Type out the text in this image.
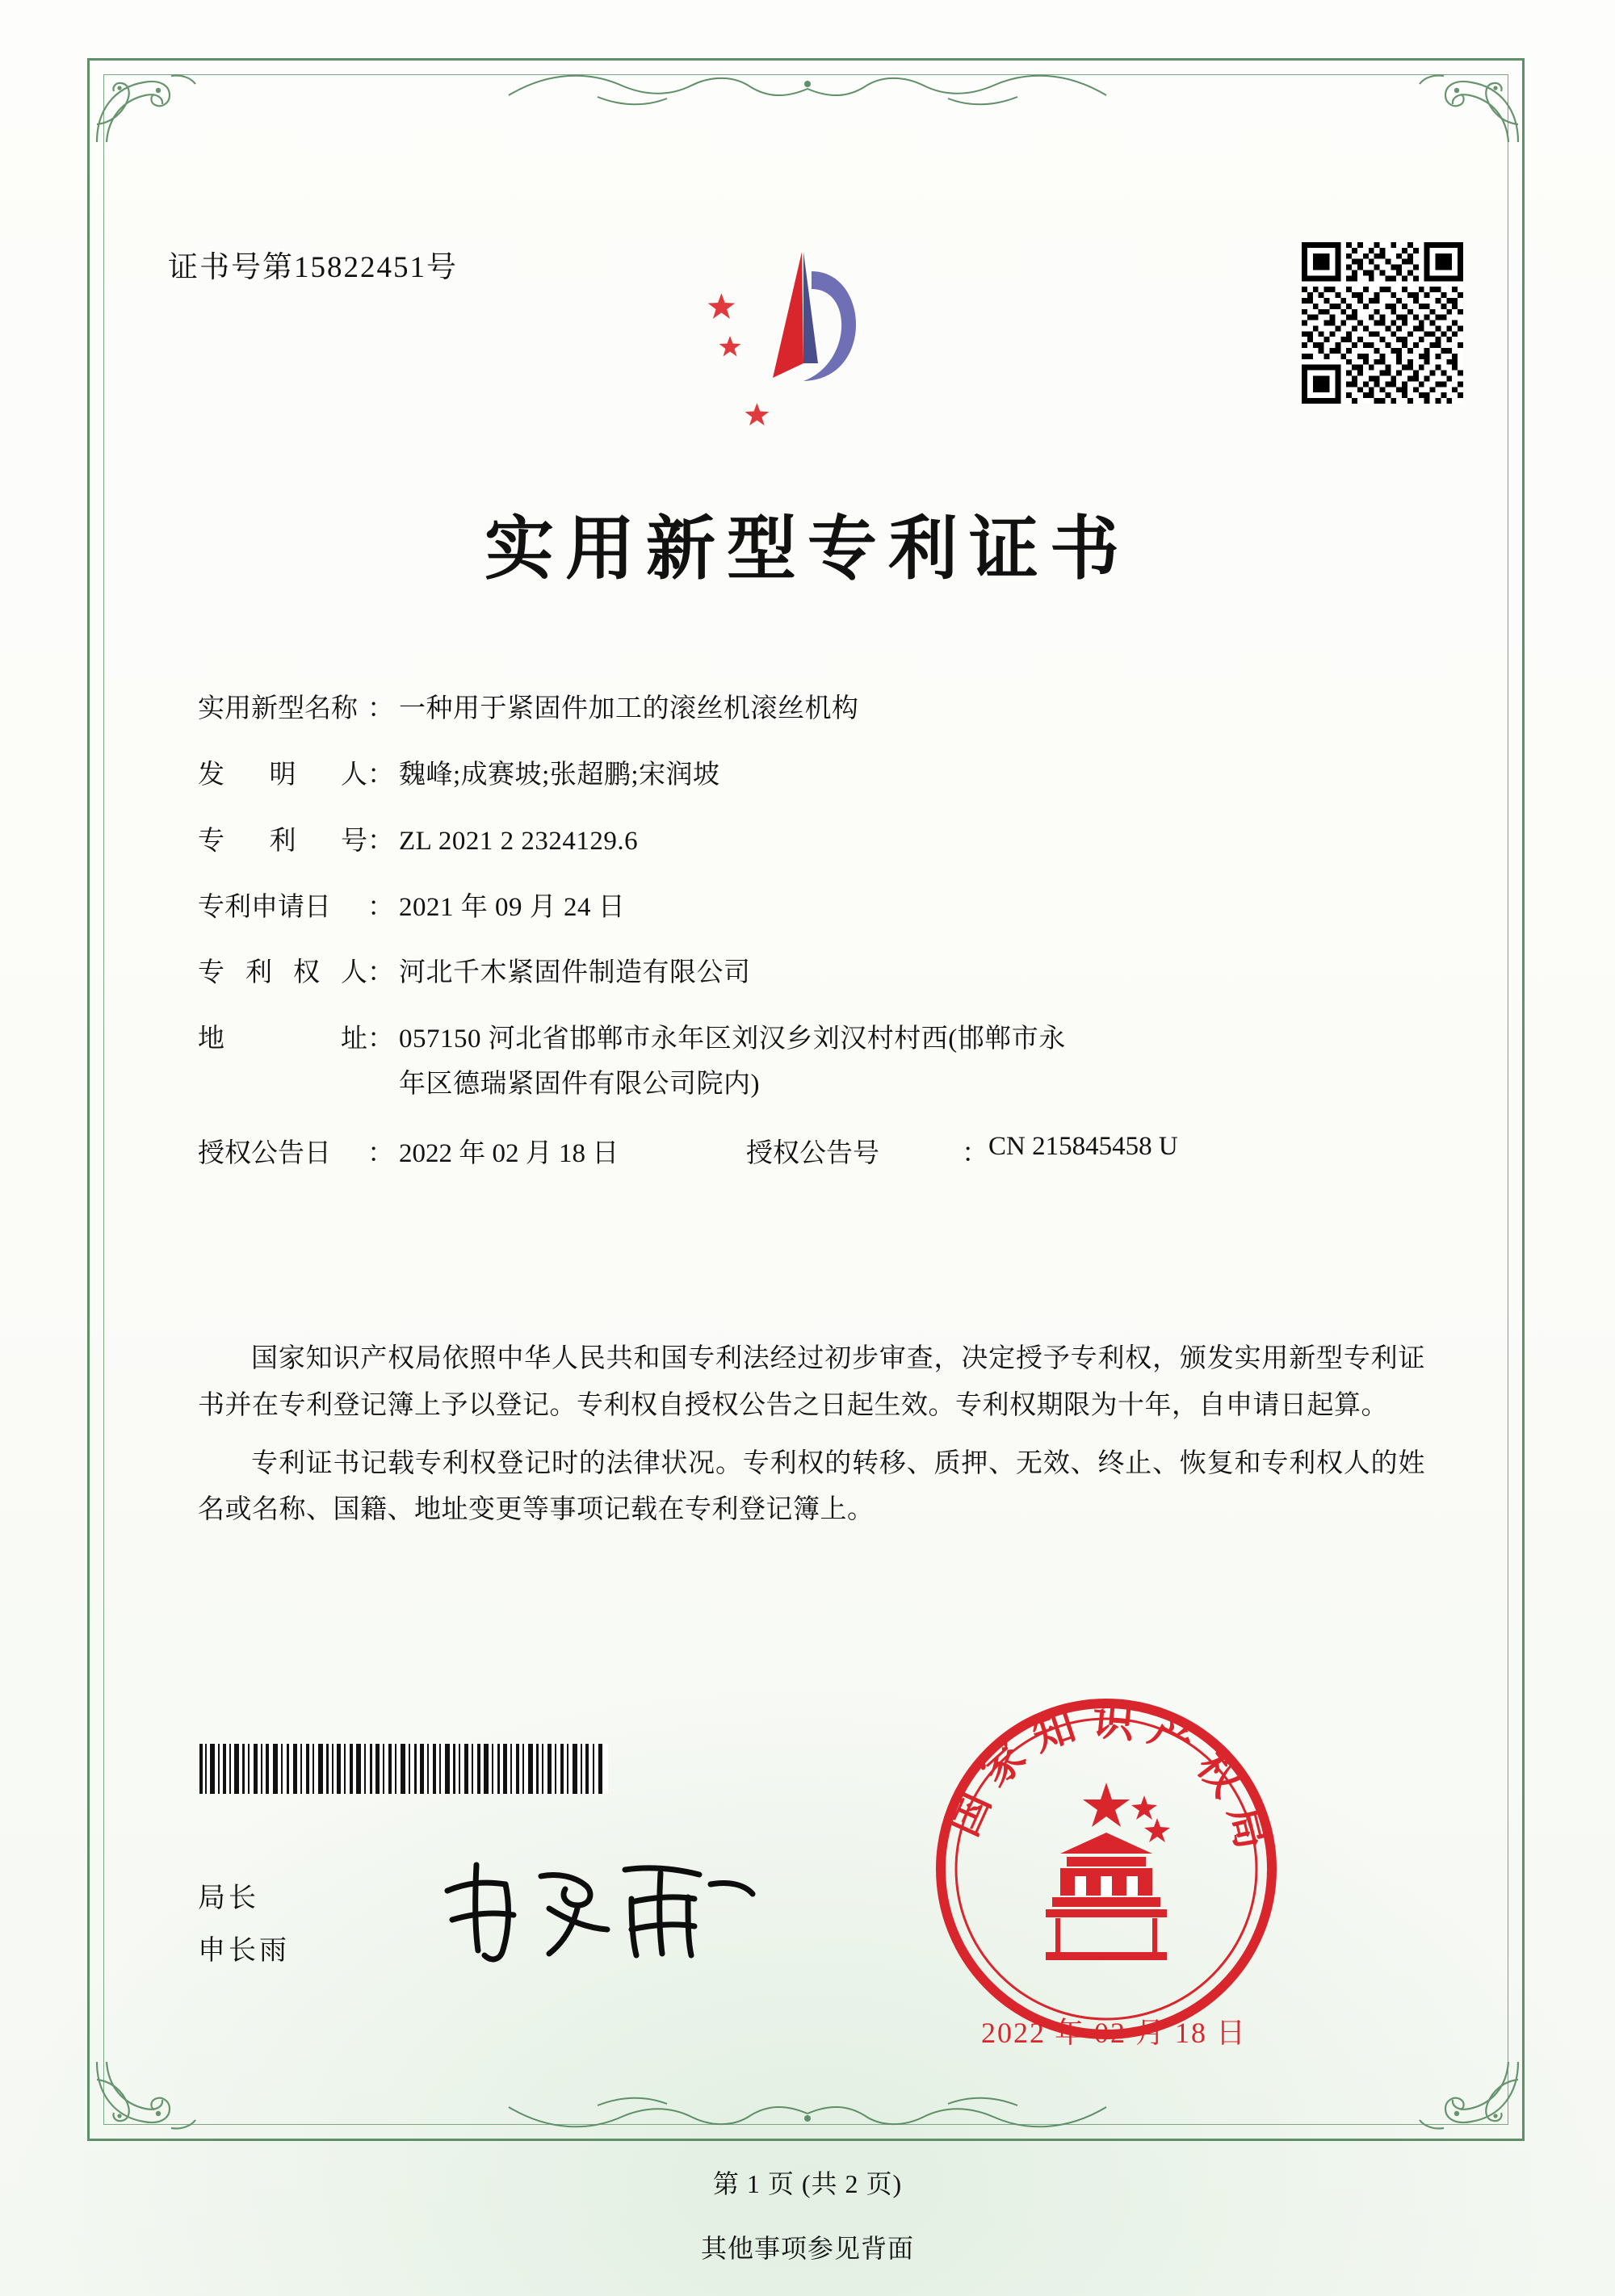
证书号第15822451号
实用新型专利证书
实用新型名称 ： 一种用于紧固件加工的滚丝机滚丝机构
发 明 人 ： 魏峰;成赛坡;张超鹏;宋润坡
专 利 号 ： ZL 2021 2 2324129.6
专利申请日	： 2021 年 09 月 24 日
专 利 权 人 ： 河北千木紧固件制造有限公司
地	址 ： 057150 河北省邯郸市永年区刘汉乡刘汉村村西(邯郸市永
年区德瑞紧固件有限公司院内)
授权公告日	： 2022 年 02 月 18 日	授权公告号	： CN 215845458 U

国家知识产权局依照中华人民共和国专利法经过初步审查，决定授予专利权，颁发实用新型专利证书并在专利登记簿上予以登记。专利权自授权公告之日起生效。专利权期限为十年，自申请日起算。

专利证书记载专利权登记时的法律状况。专利权的转移、质押、无效、终止、恢复和专利权人的姓名或名称、国籍、地址变更等事项记载在专利登记簿上。

局长
申长雨
国家知识产权局
2022 年 02 月 18 日
第 1 页 (共 2 页)
其他事项参见背面
